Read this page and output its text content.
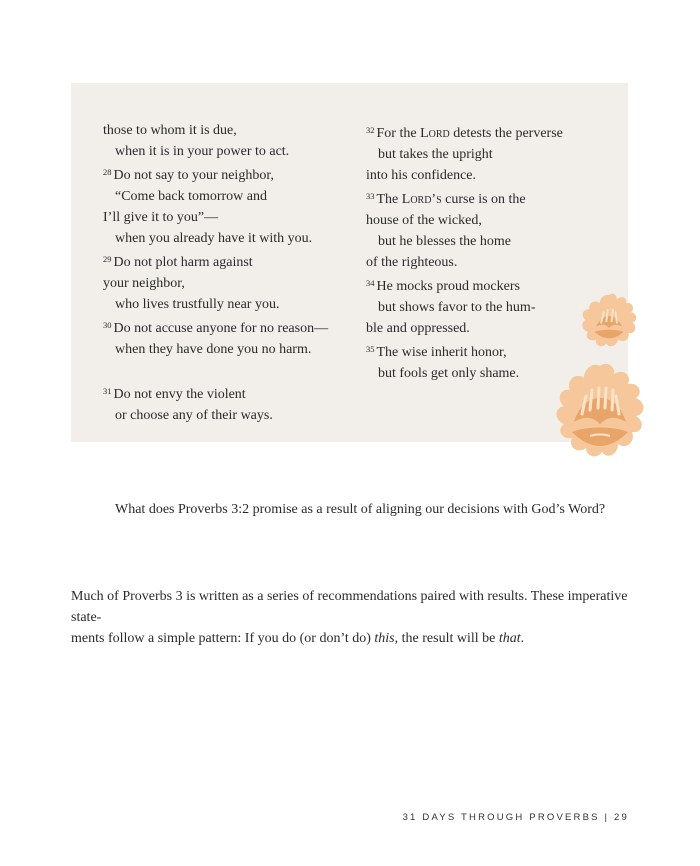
those to whom it is due,
when it is in your power to act.
$^{28}$ Do not say to your neighbor,
“Come back tomorrow and
I’ll give it to you”—
when you already have it with you.
$^{29}$ Do not plot harm against
your neighbor,
who lives trustfully near you.
$^{30}$ Do not accuse anyone for no reason—
when they have done you no harm.
$^{31}$ Do not envy the violent
or choose any of their ways.
$^{32}$ For the Lord detests the perverse
but takes the upright
into his confidence.
$^{33}$ The Lord’s curse is on the
house of the wicked,
but he blesses the home
of the righteous.
$^{34}$ He mocks proud mockers
but shows favor to the hum-
ble and oppressed.
$^{35}$ The wise inherit honor,
but fools get only shame.
What does Proverbs 3:2 promise as a result of aligning our decisions with God’s Word?
Much of Proverbs 3 is written as a series of recommendations paired with results. These imperative state-
ments follow a simple pattern: If you do (or don’t do) this, the result will be that.
31 DAYS THROUGH PROVERBS | 29
